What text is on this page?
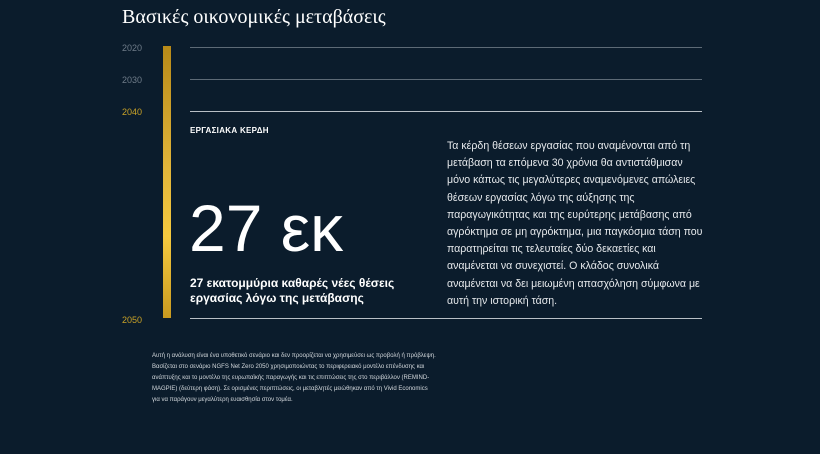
Βασικές οικονομικές μεταβάσεις
2020
2030
2040
2050
ΕΡΓΑΣΙΑΚΑ ΚΕΡΔΗ
27 εκ
27 εκατομμύρια καθαρές νέες θέσεις εργασίας λόγω της μετάβασης
Τα κέρδη θέσεων εργασίας που αναμένονται από τη μετάβαση τα επόμενα 30 χρόνια θα αντιστάθμισαν μόνο κάπως τις μεγαλύτερες αναμενόμενες απώλειες θέσεων εργασίας λόγω της αύξησης της παραγωγικότητας και της ευρύτερης μετάβασης από αγρόκτημα σε μη αγρόκτημα, μια παγκόσμια τάση που παρατηρείται τις τελευταίες δύο δεκαετίες και αναμένεται να συνεχιστεί. Ο κλάδος συνολικά αναμένεται να δει μειωμένη απασχόληση σύμφωνα με αυτή την ιστορική τάση.
Αυτή η ανάλυση είναι ένα υποθετικό σενάριο και δεν προορίζεται να χρησιμεύσει ως προβολή ή πρόβλεψη. Βασίζεται στο σενάριο NGFS Net Zero 2050 χρησιμοποιώντας το περιφερειακό μοντέλο επένδυσης και ανάπτυξης και το μοντέλο της ευρωπαϊκής παραγωγής και τις επιπτώσεις της στο περιβάλλον (REMIND-MAGPIE) (δεύτερη φάση). Σε ορισμένες περιπτώσεις, οι μεταβλητές μειώθηκαν από τη Vivid Economics για να παράγουν μεγαλύτερη ευαισθησία στον τομέα.
